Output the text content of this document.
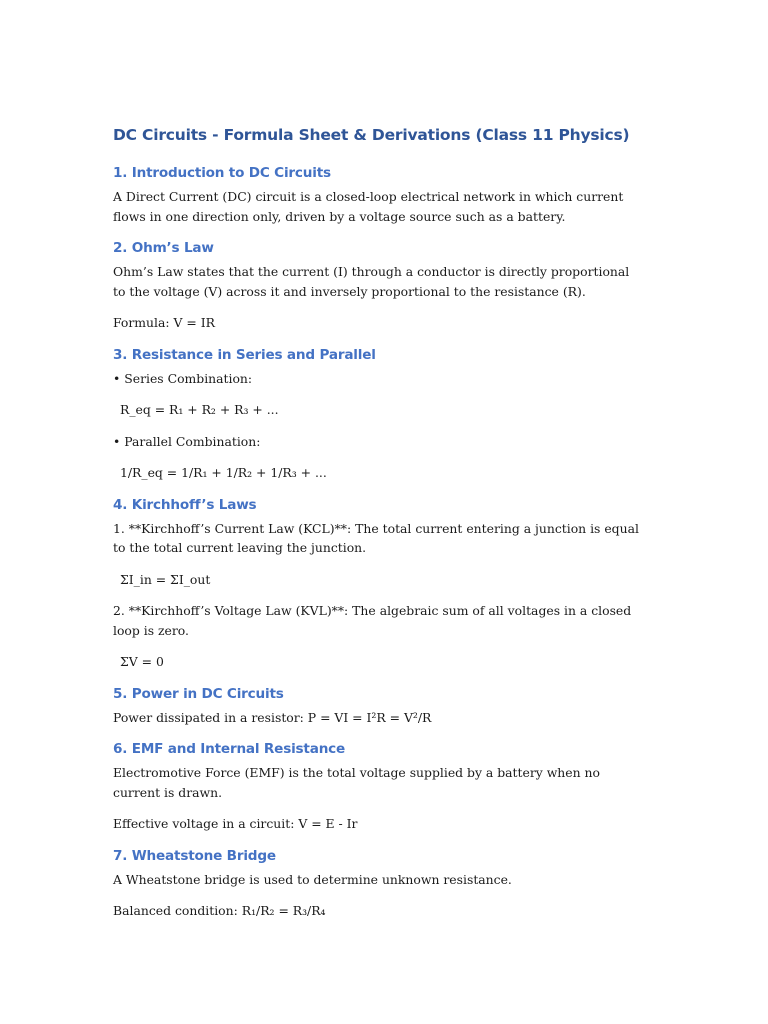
DC Circuits - Formula Sheet & Derivations (Class 11 Physics)
1. Introduction to DC Circuits

A Direct Current (DC) circuit is a closed-loop electrical network in which current flows in one direction only, driven by a voltage source such as a battery.

2. Ohm’s Law

Ohm’s Law states that the current (I) through a conductor is directly proportional to the voltage (V) across it and inversely proportional to the resistance (R).

Formula: V = IR

3. Resistance in Series and Parallel

• Series Combination:

R_eq = R₁ + R₂ + R₃ + ...

• Parallel Combination:

1/R_eq = 1/R₁ + 1/R₂ + 1/R₃ + ...

4. Kirchhoff’s Laws

1. **Kirchhoff’s Current Law (KCL)**: The total current entering a junction is equal to the total current leaving the junction.

ΣI_in = ΣI_out

2. **Kirchhoff’s Voltage Law (KVL)**: The algebraic sum of all voltages in a closed loop is zero.

ΣV = 0

5. Power in DC Circuits

Power dissipated in a resistor: P = VI = I²R = V²/R

6. EMF and Internal Resistance

Electromotive Force (EMF) is the total voltage supplied by a battery when no current is drawn.

Effective voltage in a circuit: V = E - Ir

7. Wheatstone Bridge

A Wheatstone bridge is used to determine unknown resistance.

Balanced condition: R₁/R₂ = R₃/R₄
